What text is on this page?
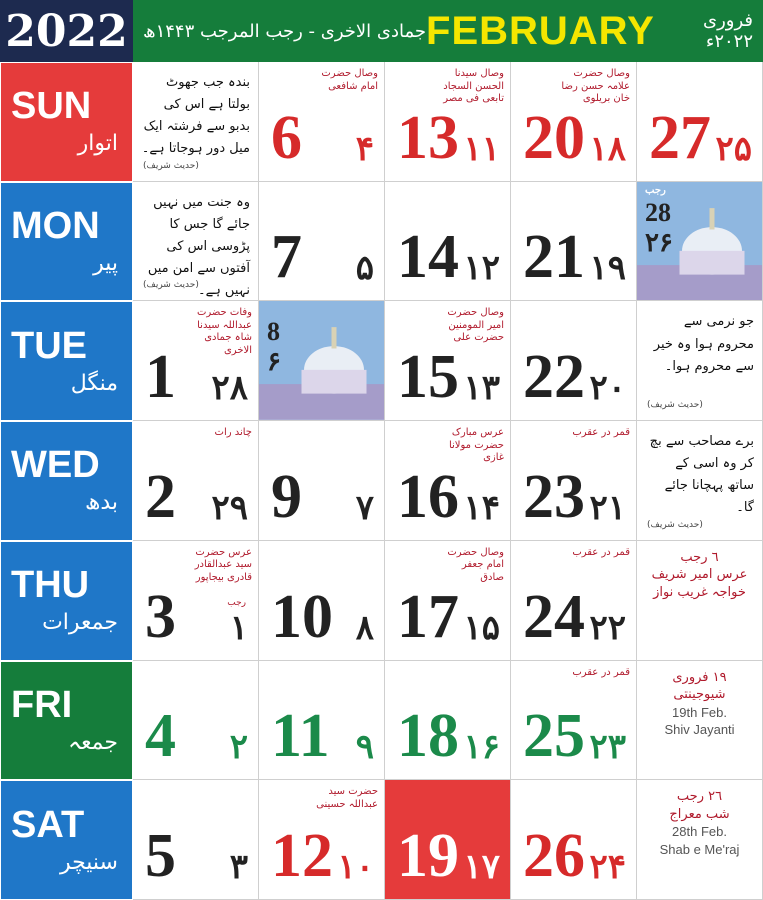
2022 جمادی الاخری - رجب المرجب ۱۴۴۳ھ FEBRUARY	فروری ۲۰۲۲ء
SUN
اتوار
بندہ جب جھوٹ بولتا ہے اس کی بدبو سے فرشتہ ایک میل دور ہوجاتا ہے۔
(حدیث شریف)
وصال حضرت امام شافعی
6 ۴
وصال سیدنا الحسن السجاد تابعی فی مصر
13 ۱۱
وصال حضرت علامہ حسن رضا خان بریلوی
20 ۱۸ 27 ۲۵
MON
پیر
وہ جنت میں نہیں جائے گا جس کا پڑوسی اس کی آفتوں سے امن میں نہیں ہے۔
(حدیث شریف) 7 ۵ 14 ۱۲ 21 ۱۹
28
۲۶
رجب
TUE
منگل
وفات حضرت عبداللہ سیدنا شاہ جمادی الاخری
1 ۲۸
8
۶
وصال حضرت امیر المومنین حضرت علی
15 ۱۳ 22 ۲۰
جو نرمی سے محروم ہوا وہ خیر سے محروم ہوا۔
(حدیث شریف)
WED
بدھ
چاند رات
2 ۲۹ 9 ۷
عرس مبارک حضرت مولانا غازی
16 ۱۴
قمر در عقرب
23 ۲۱
برے مصاحب سے بچ کر وہ اسی کے ساتھ پہچانا جائے گا۔
(حدیث شریف)
THU
جمعرات
عرس حضرت سید عبدالقادر قادری بیجاپور
رجب
3 ۱ 10 ۸
وصال حضرت امام جعفر صادق
17 ۱۵
قمر در عقرب
24 ۲۲
٦ رجب
عرس امیر شریف
خواجہ غریب نواز
FRI
جمعہ 4 ۲ 11 ۹ 18 ۱۶
قمر در عقرب
25 ۲۳
١٩ فروری
شیوجینتی
19th Feb.
Shiv Jayanti
SAT
سنیچر 5 ۳
حضرت سید عبداللہ حسینی
12 ۱۰ 19 ۱۷ 26 ۲۴
٢٦ رجب
شب معراج
28th Feb.
Shab e Me'raj
